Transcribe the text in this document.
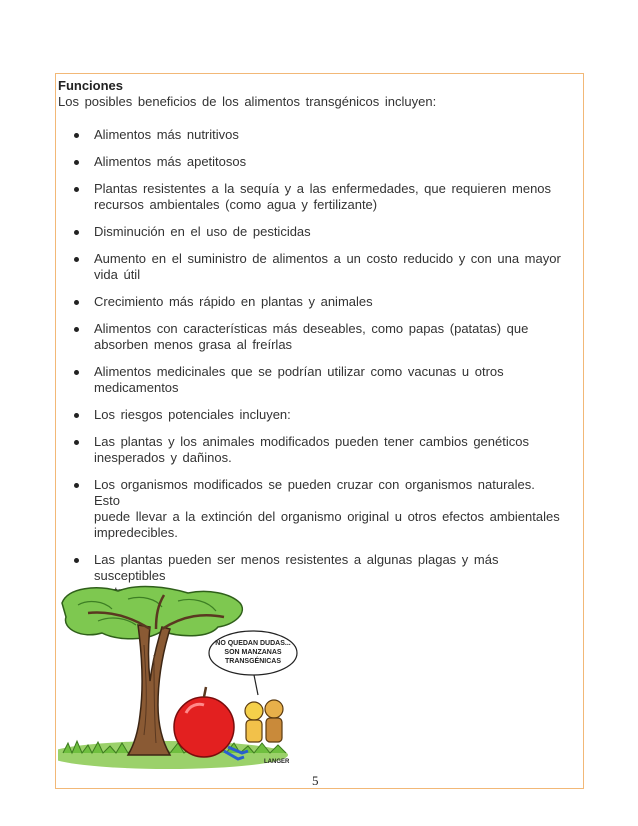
Funciones
Los posibles beneficios de los alimentos transgénicos incluyen:
Alimentos más nutritivos
Alimentos más apetitosos
Plantas resistentes a la sequía y a las enfermedades, que requieren menos
recursos ambientales (como agua y fertilizante)
Disminución en el uso de pesticidas
Aumento en el suministro de alimentos a un costo reducido y con una mayor
vida útil
Crecimiento más rápido en plantas y animales
Alimentos con características más deseables, como papas (patatas) que
absorben menos grasa al freírlas
Alimentos medicinales que se podrían utilizar como vacunas u otros
medicamentos
Los riesgos potenciales incluyen:
Las plantas y los animales modificados pueden tener cambios genéticos
inesperados y dañinos.
Los organismos modificados se pueden cruzar con organismos naturales. Esto
puede llevar a la extinción del organismo original u otros efectos ambientales
impredecibles.
Las plantas pueden ser menos resistentes a algunas plagas y más susceptibles
NO QUEDAN DUDAS...
SON MANZANAS
TRANSGÉNICAS
LANGER
5
